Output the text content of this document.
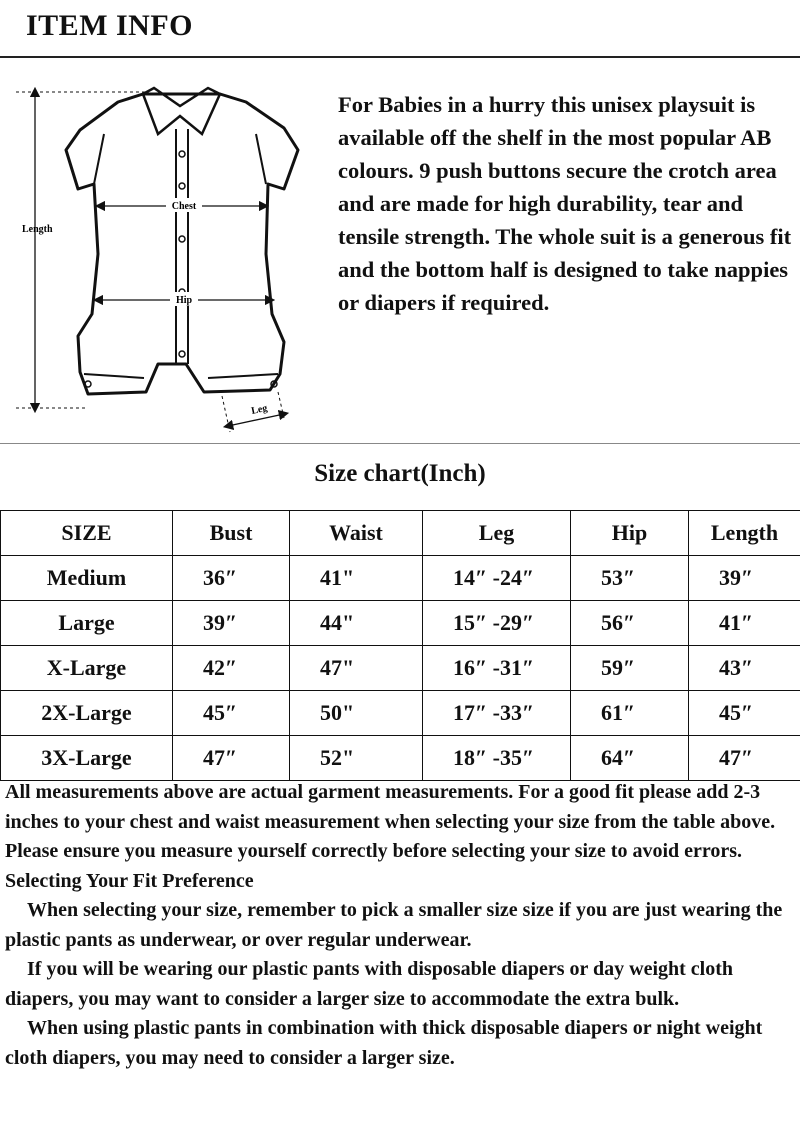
ITEM INFO
Length
Chest
Hip
Leg

For Babies in a hurry this unisex playsuit is available off the shelf in the most popular AB colours. 9 push buttons secure the crotch area and are made for high durability, tear and tensile strength. The whole suit is a generous fit and the bottom half is designed to take nappies or diapers if required.

Size chart(Inch)
SIZE	Bust	Waist	Leg	Hip	Length
Medium	36″	41"	14″ -24″	53″	39″
Large	39″	44"	15″ -29″	56″	41″
X-Large	42″	47"	16″ -31″	59″	43″
2X-Large	45″	50"	17″ -33″	61″	45″
3X-Large	47″	52"	18″ -35″	64″	47″

All measurements above are actual garment measurements. For a good fit please add 2-3 inches to your chest and waist measurement when selecting your size from the table above. Please ensure you measure yourself correctly before selecting your size to avoid errors.

Selecting Your Fit Preference

When selecting your size, remember to pick a smaller size size if you are just wearing the plastic pants as underwear, or over regular underwear.

If you will be wearing our plastic pants with disposable diapers or day weight cloth diapers, you may want to consider a larger size to accommodate the extra bulk.

When using plastic pants in combination with thick disposable diapers or night weight cloth diapers, you may need to consider a larger size.
